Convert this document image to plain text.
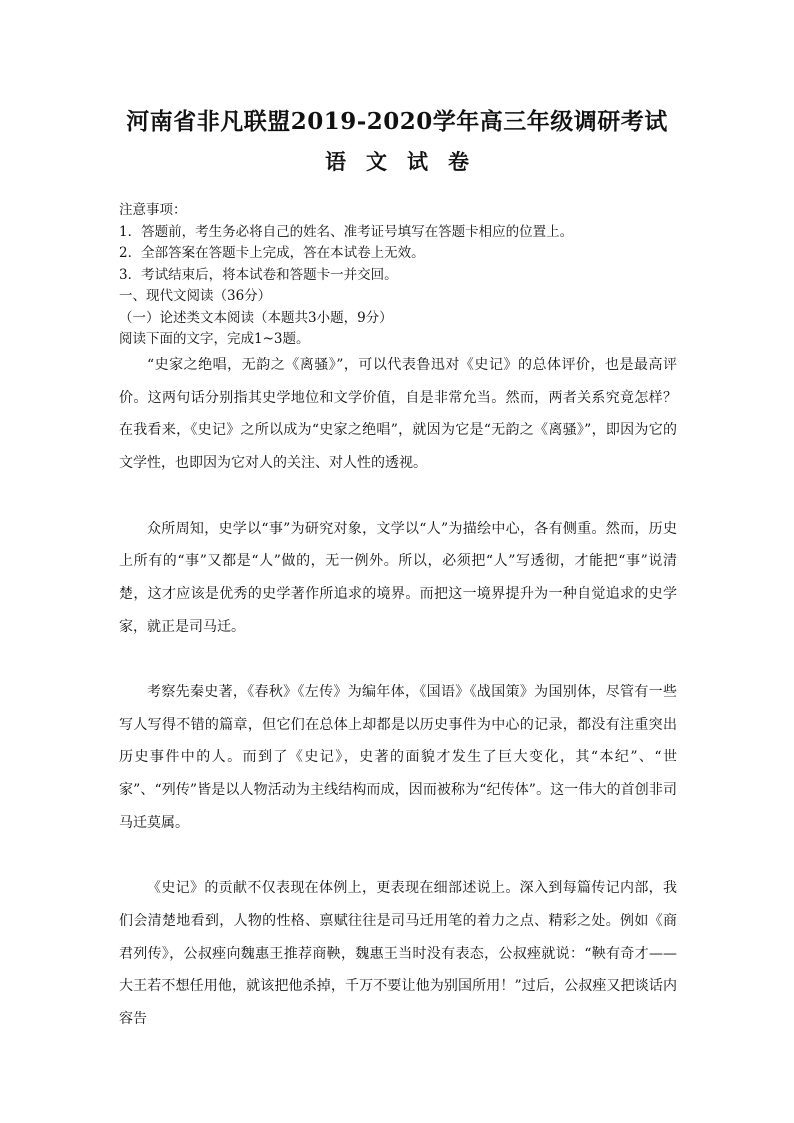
河南省非凡联盟2019-2020学年高三年级调研考试
语文试卷
注意事项：
1．答题前，考生务必将自己的姓名、准考证号填写在答题卡相应的位置上。
2．全部答案在答题卡上完成，答在本试卷上无效。
3．考试结束后，将本试卷和答题卡一并交回。
一、现代文阅读（36分）
（一）论述类文本阅读（本题共3小题，9分）
阅读下面的文字，完成1~3题。

“史家之绝唱，无韵之《离骚》”，可以代表鲁迅对《史记》的总体评价，也是最高评价。这两句话分别指其史学地位和文学价值，自是非常允当。然而，两者关系究竟怎样？在我看来，《史记》之所以成为“史家之绝唱”，就因为它是“无韵之《离骚》”，即因为它的文学性，也即因为它对人的关注、对人性的透视。

众所周知，史学以“事”为研究对象，文学以“人”为描绘中心，各有侧重。然而，历史上所有的“事”又都是“人”做的，无一例外。所以，必须把“人”写透彻，才能把“事”说清楚，这才应该是优秀的史学著作所追求的境界。而把这一境界提升为一种自觉追求的史学家，就正是司马迁。

考察先秦史著，《春秋》《左传》为编年体，《国语》《战国策》为国别体，尽管有一些写人写得不错的篇章，但它们在总体上却都是以历史事件为中心的记录，都没有注重突出历史事件中的人。而到了《史记》，史著的面貌才发生了巨大变化，其“本纪”、“世家”、“列传”皆是以人物活动为主线结构而成，因而被称为“纪传体”。这一伟大的首创非司马迁莫属。

《史记》的贡献不仅表现在体例上，更表现在细部述说上。深入到每篇传记内部，我们会清楚地看到，人物的性格、禀赋往往是司马迁用笔的着力之点、精彩之处。例如《商君列传》，公叔痤向魏惠王推荐商鞅，魏惠王当时没有表态，公叔痤就说：“鞅有奇才——大王若不想任用他，就该把他杀掉，千万不要让他为别国所用！”过后，公叔痤又把谈话内容告
